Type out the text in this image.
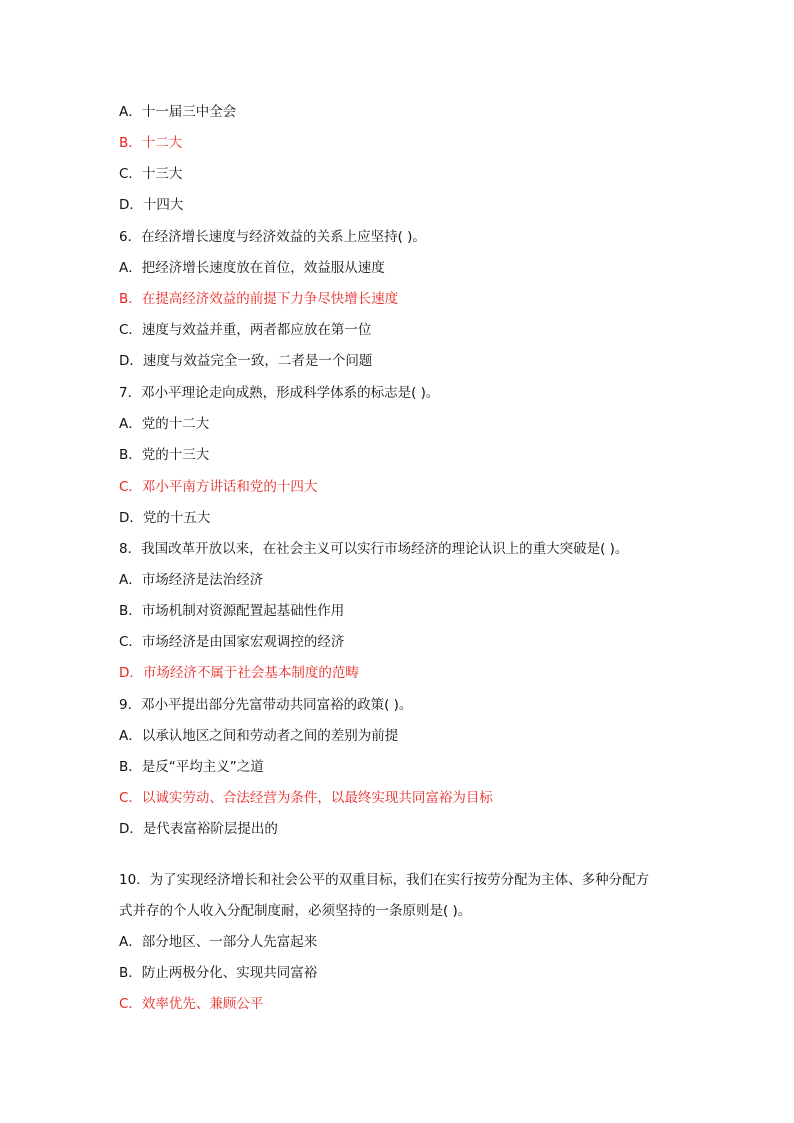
A．十一届三中全会
B．十二大
C．十三大
D．十四大
6．在经济增长速度与经济效益的关系上应坚持( )。
A．把经济增长速度放在首位，效益服从速度
B．在提高经济效益的前提下力争尽快增长速度
C．速度与效益并重，两者都应放在第一位
D．速度与效益完全一致，二者是一个问题
7．邓小平理论走向成熟，形成科学体系的标志是( )。
A．党的十二大
B．党的十三大
C．邓小平南方讲话和党的十四大
D．党的十五大
8．我国改革开放以来，在社会主义可以实行市场经济的理论认识上的重大突破是( )。
A．市场经济是法治经济
B．市场机制对资源配置起基础性作用
C．市场经济是由国家宏观调控的经济
D．市场经济不属于社会基本制度的范畴
9．邓小平提出部分先富带动共同富裕的政策( )。
A．以承认地区之间和劳动者之间的差别为前提
B．是反“平均主义”之道
C．以诚实劳动、合法经营为条件，以最终实现共同富裕为目标
D．是代表富裕阶层提出的
10．为了实现经济增长和社会公平的双重目标，我们在实行按劳分配为主体、多种分配方
式并存的个人收入分配制度耐，必须坚持的一条原则是( )。
A．部分地区、一部分人先富起来
B．防止两极分化、实现共同富裕
C．效率优先、兼顾公平
